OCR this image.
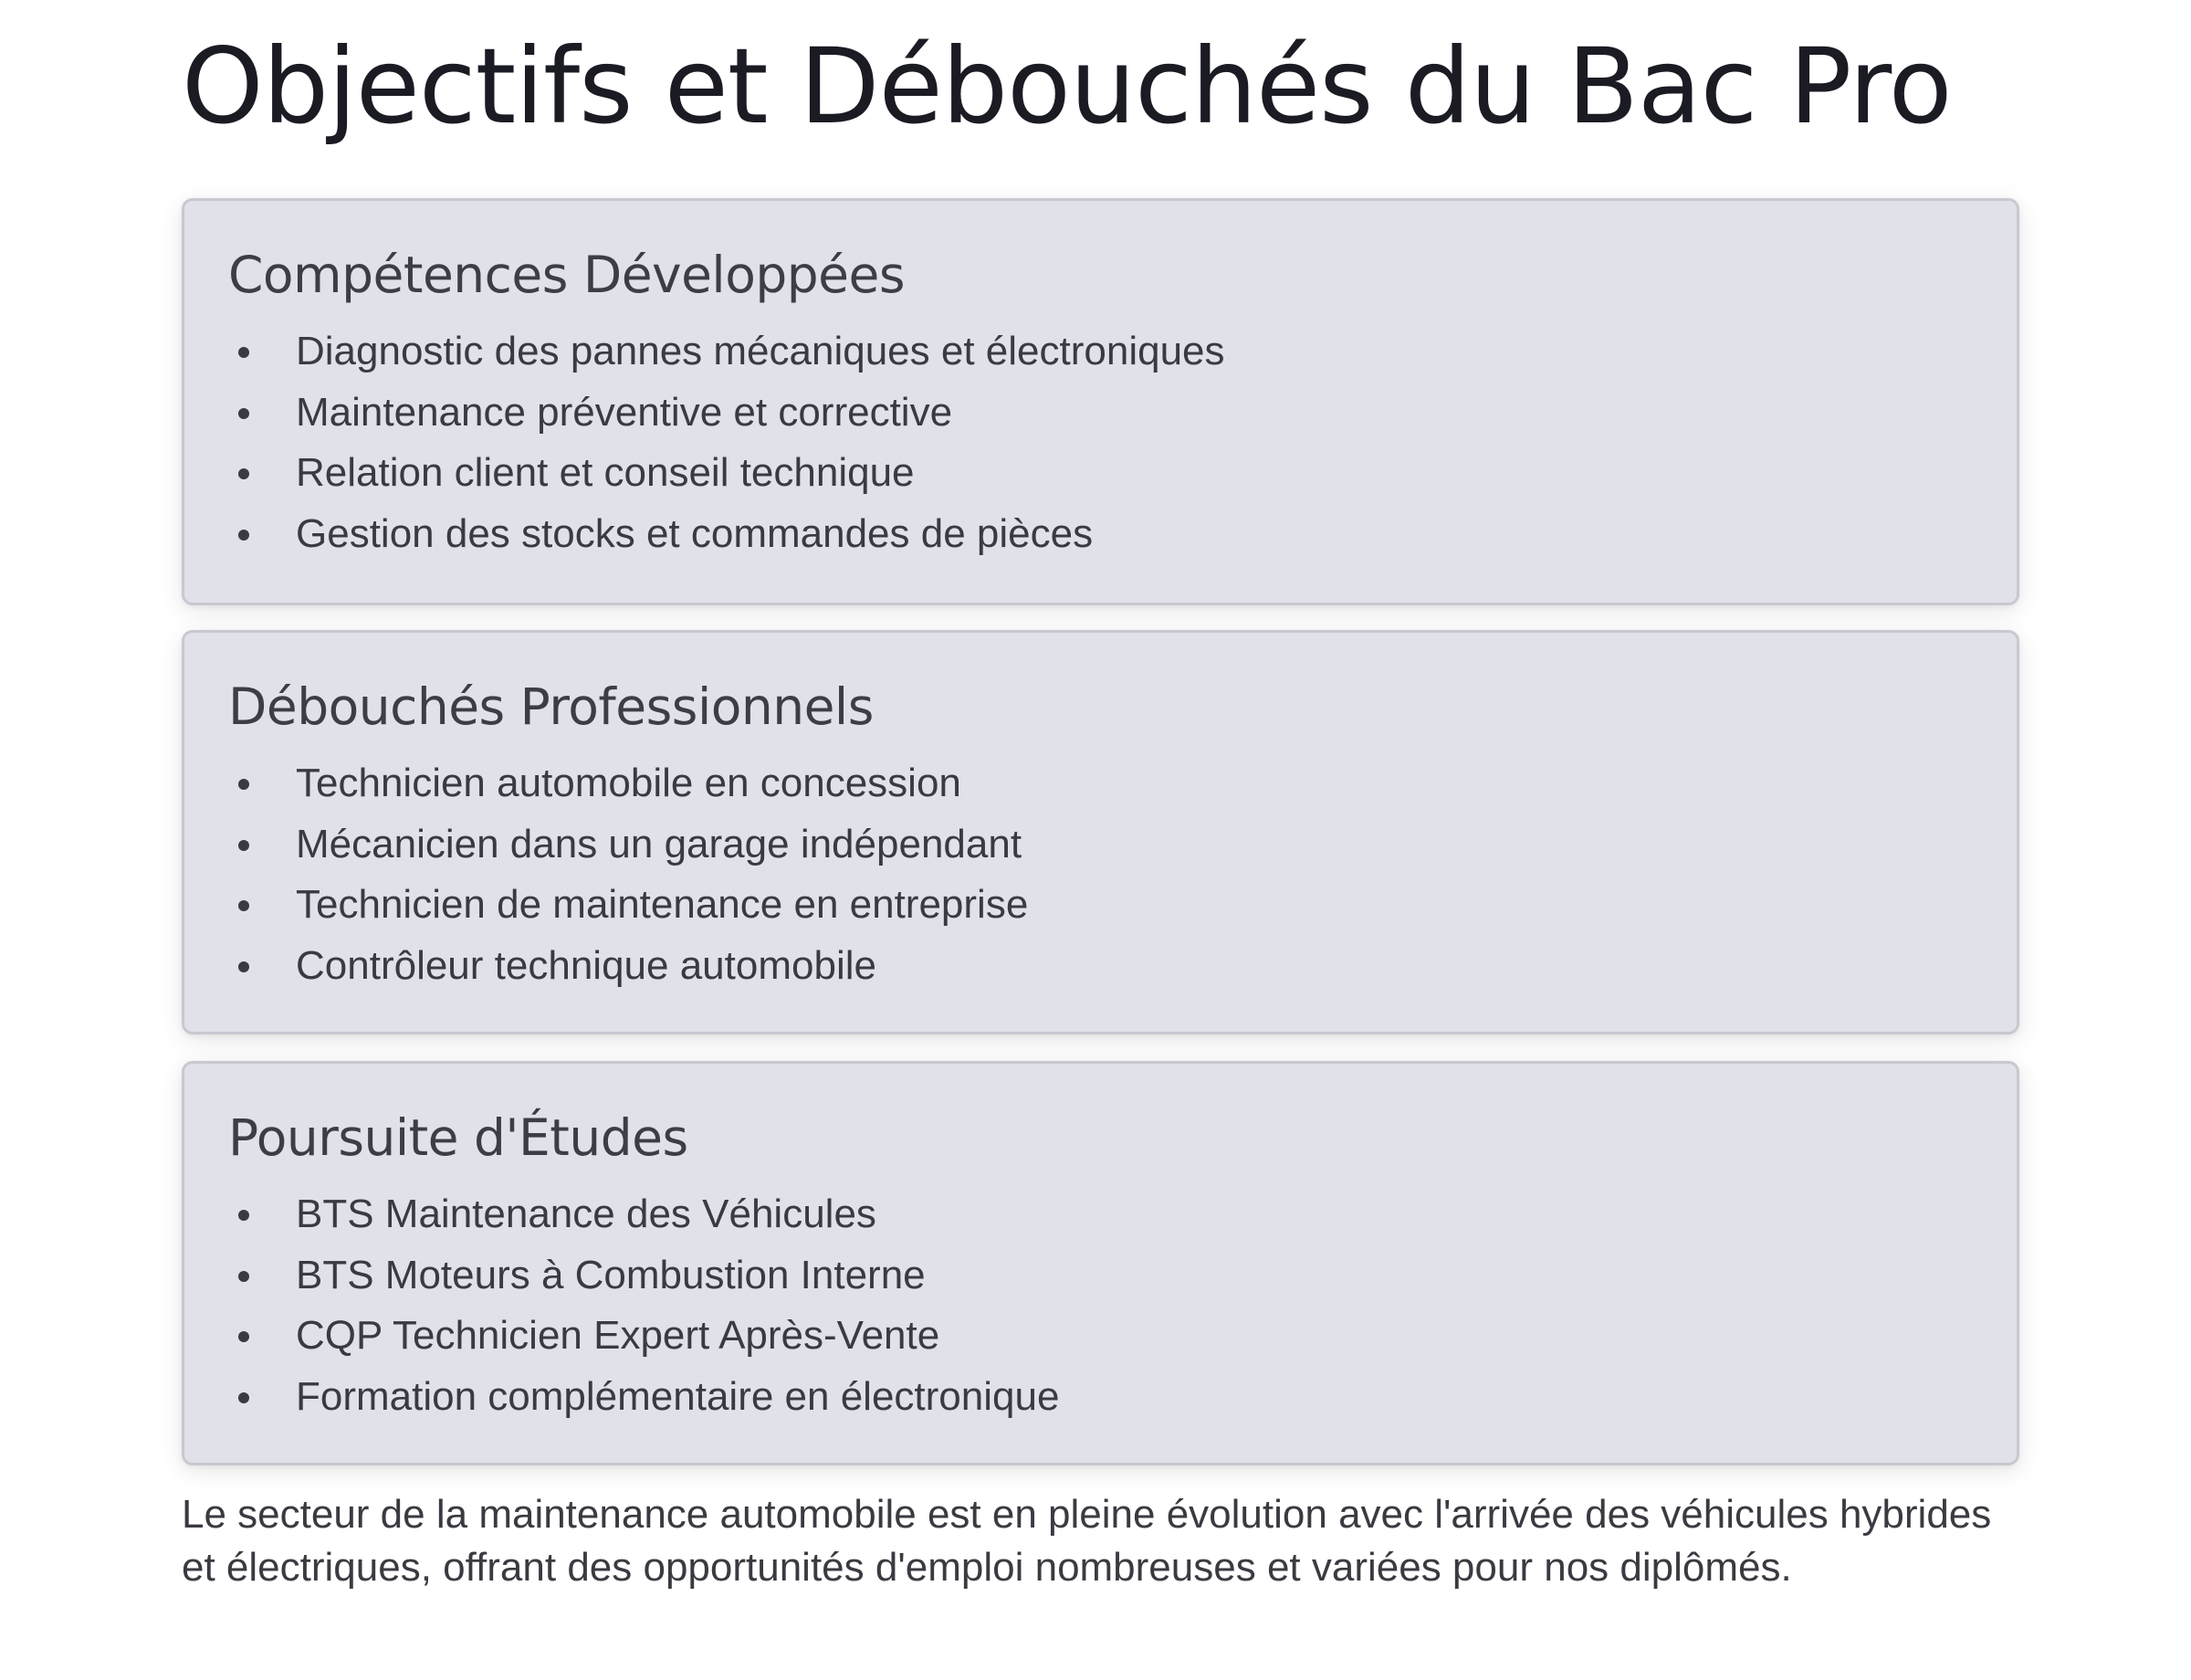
Objectifs et Débouchés du Bac Pro
Compétences Développées
Diagnostic des pannes mécaniques et électroniques
Maintenance préventive et corrective
Relation client et conseil technique
Gestion des stocks et commandes de pièces
Débouchés Professionnels
Technicien automobile en concession
Mécanicien dans un garage indépendant
Technicien de maintenance en entreprise
Contrôleur technique automobile
Poursuite d'Études
BTS Maintenance des Véhicules
BTS Moteurs à Combustion Interne
CQP Technicien Expert Après-Vente
Formation complémentaire en électronique

Le secteur de la maintenance automobile est en pleine évolution avec l'arrivée des véhicules hybrides et électriques, offrant des opportunités d'emploi nombreuses et variées pour nos diplômés.
